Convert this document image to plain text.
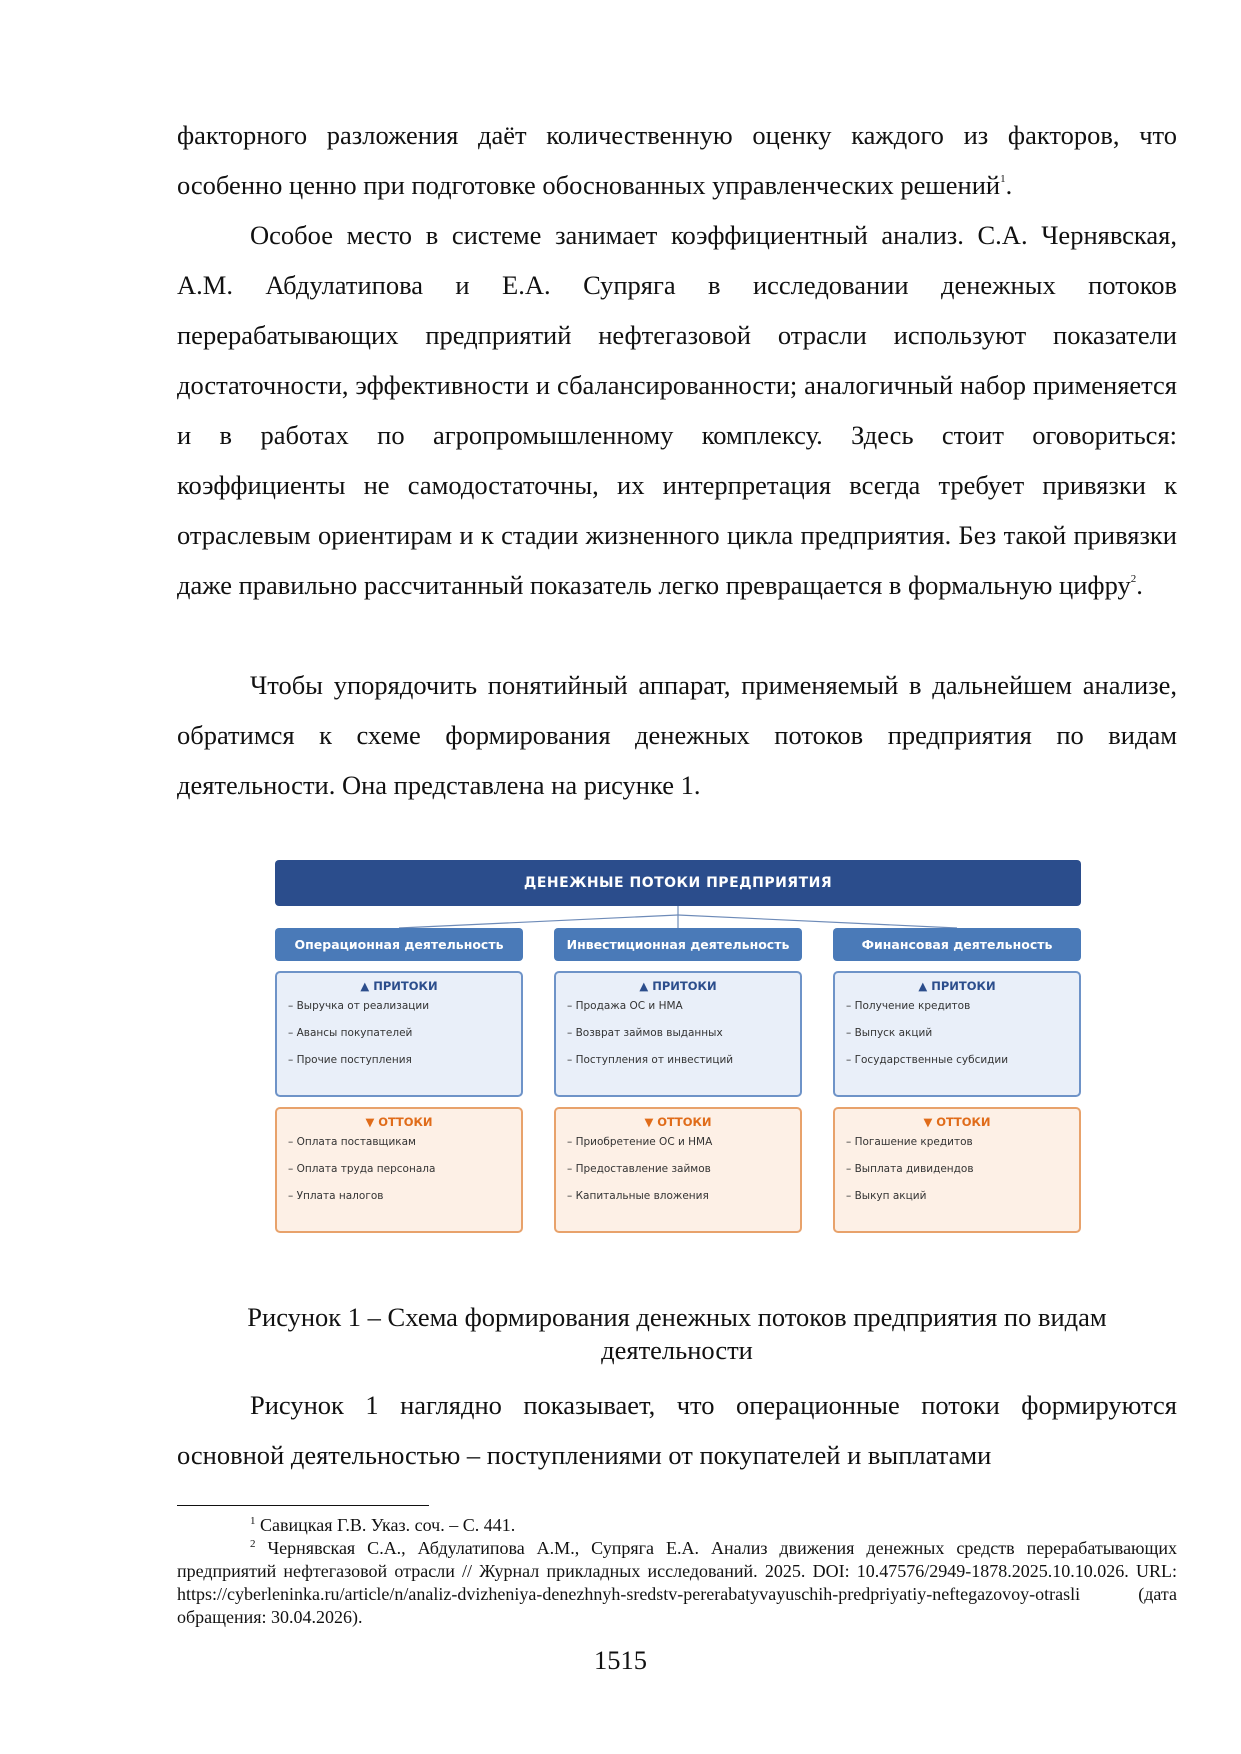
факторного разложения даёт количественную оценку каждого из факторов, что особенно ценно при подготовке обоснованных управленческих решений$^1$.

Особое место в системе занимает коэффициентный анализ. С.А. Чернявская, А.М. Абдулатипова и Е.А. Супряга в исследовании денежных потоков перерабатывающих предприятий нефтегазовой отрасли используют показатели достаточности, эффективности и сбалансированности; аналогичный набор применяется и в работах по агропромышленному комплексу. Здесь стоит оговориться: коэффициенты не самодостаточны, их интерпретация всегда требует привязки к отраслевым ориентирам и к стадии жизненного цикла предприятия. Без такой привязки даже правильно рассчитанный показатель легко превращается в формальную цифру$^2$.

Чтобы упорядочить понятийный аппарат, применяемый в дальнейшем анализе, обратимся к схеме формирования денежных потоков предприятия по видам деятельности. Она представлена на рисунке 1.

ДЕНЕЖНЫЕ ПОТОКИ ПРЕДПРИЯТИЯ
Операционная деятельность	Инвестиционная деятельность	Финансовая деятельность
▲ ПРИТОКИ
– Выручка от реализации
– Авансы покупателей
– Прочие поступления
▲ ПРИТОКИ
– Продажа ОС и НМА
– Возврат займов выданных
– Поступления от инвестиций
▲ ПРИТОКИ
– Получение кредитов
– Выпуск акций
– Государственные субсидии
▼ ОТТОКИ
– Оплата поставщикам
– Оплата труда персонала
– Уплата налогов
▼ ОТТОКИ
– Приобретение ОС и НМА
– Предоставление займов
– Капитальные вложения
▼ ОТТОКИ
– Погашение кредитов
– Выплата дивидендов
– Выкуп акций

Рисунок 1 – Схема формирования денежных потоков предприятия по видам деятельности

Рисунок 1 наглядно показывает, что операционные потоки формируются основной деятельностью – поступлениями от покупателей и выплатами

$^1$ Савицкая Г.В. Указ. соч. – С. 441.

$^2$ Чернявская С.А., Абдулатипова А.М., Супряга Е.А. Анализ движения денежных средств перерабатывающих предприятий нефтегазовой отрасли // Журнал прикладных исследований. 2025. DOI: 10.47576/2949-1878.2025.10.10.026. URL: https://cyberleninka.ru/article/n/analiz-dvizheniya-denezhnyh-sredstv-pererabatyvayuschih-predpriyatiy-neftegazovoy-otrasli (дата обращения: 30.04.2026).

1515
